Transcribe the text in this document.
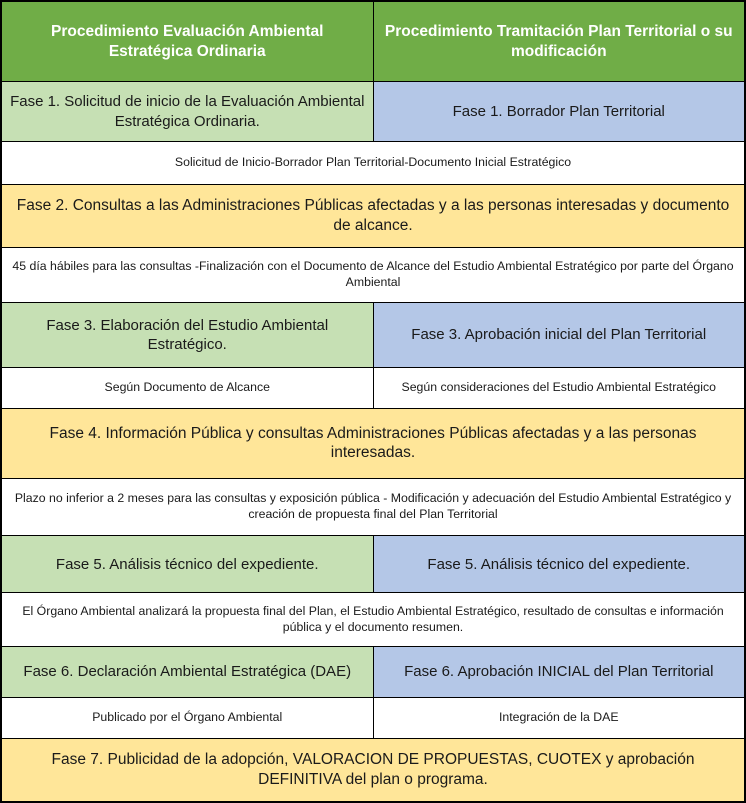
Procedimiento Evaluación Ambiental Estratégica Ordinaria	Procedimiento Tramitación Plan Territorial o su modificación
Fase 1. Solicitud de inicio de la Evaluación Ambiental Estratégica Ordinaria.	Fase 1. Borrador Plan Territorial
Solicitud de Inicio-Borrador Plan Territorial-Documento Inicial Estratégico	
Fase 2. Consultas a las Administraciones Públicas afectadas y a las personas interesadas y documento de alcance.	
45 día hábiles para las consultas -Finalización con el Documento de Alcance del Estudio Ambiental Estratégico por parte del Órgano Ambiental	
Fase 3. Elaboración del Estudio Ambiental Estratégico.	Fase 3. Aprobación inicial del Plan Territorial
Según Documento de Alcance	Según consideraciones del Estudio Ambiental Estratégico
Fase 4. Información Pública y consultas Administraciones Públicas afectadas y a las personas interesadas.	
Plazo no inferior a 2 meses para las consultas y exposición pública - Modificación y adecuación del Estudio Ambiental Estratégico y creación de propuesta final del Plan Territorial	
Fase 5. Análisis técnico del expediente.	Fase 5. Análisis técnico del expediente.
El Órgano Ambiental analizará la propuesta final del Plan, el Estudio Ambiental Estratégico, resultado de consultas e información pública y el documento resumen.	
Fase 6. Declaración Ambiental Estratégica (DAE)	Fase 6. Aprobación INICIAL del Plan Territorial
Publicado por el Órgano Ambiental	Integración de la DAE
Fase 7. Publicidad de la adopción, VALORACION DE PROPUESTAS, CUOTEX y aprobación DEFINITIVA del plan o programa.	
